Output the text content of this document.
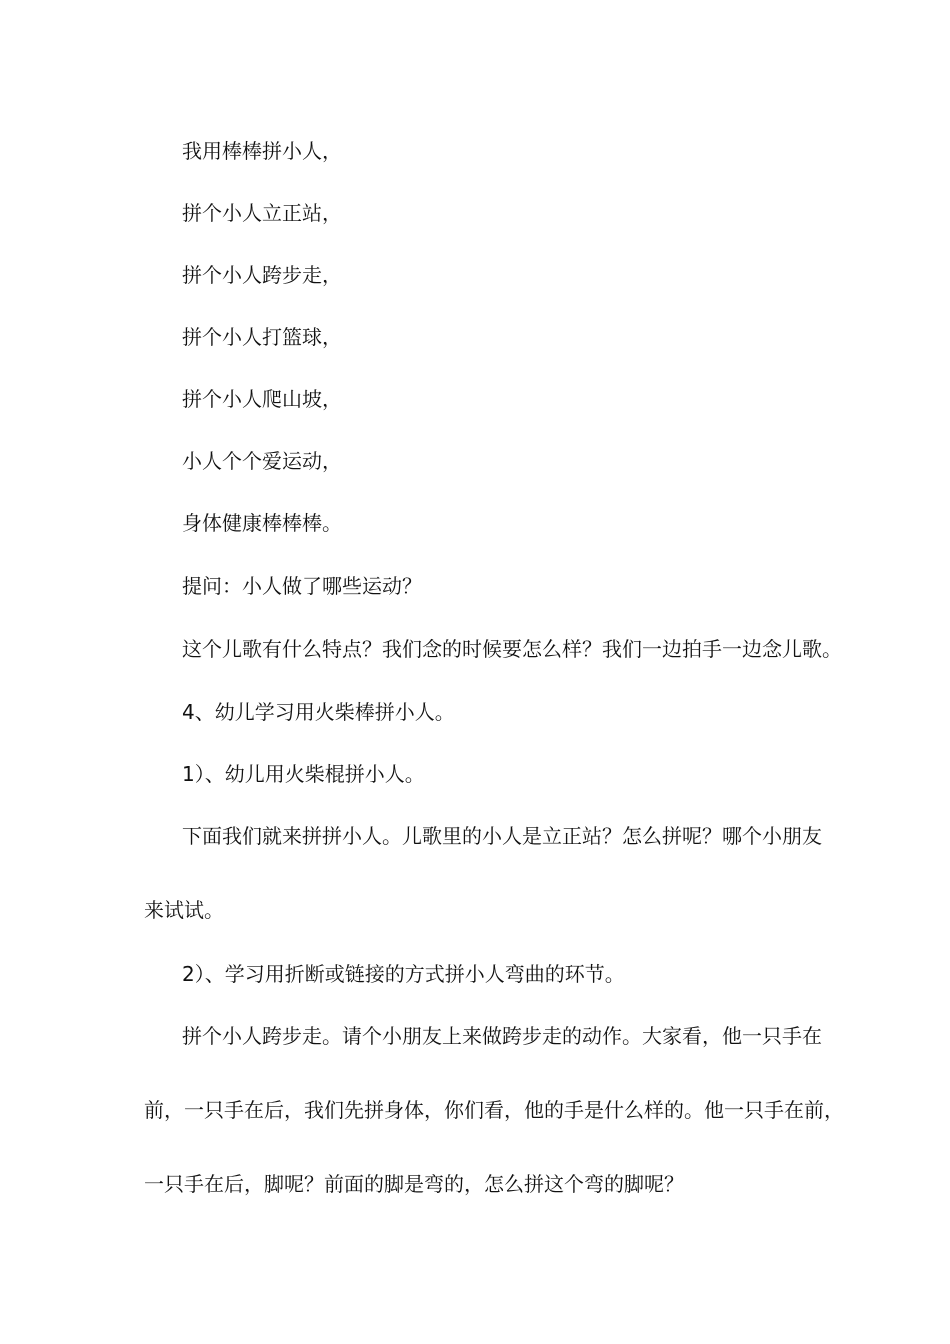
我用棒棒拼小人，
拼个小人立正站，
拼个小人跨步走，
拼个小人打篮球，
拼个小人爬山坡，
小人个个爱运动，
身体健康棒棒棒。
提问：小人做了哪些运动？
这个儿歌有什么特点？我们念的时候要怎么样？我们一边拍手一边念儿歌。
4、幼儿学习用火柴棒拼小人。
1）、幼儿用火柴棍拼小人。
下面我们就来拼拼小人。儿歌里的小人是立正站？怎么拼呢？哪个小朋友
来试试。
2）、学习用折断或链接的方式拼小人弯曲的环节。
拼个小人跨步走。请个小朋友上来做跨步走的动作。大家看，他一只手在
前，一只手在后，我们先拼身体，你们看，他的手是什么样的。他一只手在前，
一只手在后，脚呢？前面的脚是弯的，怎么拼这个弯的脚呢？
